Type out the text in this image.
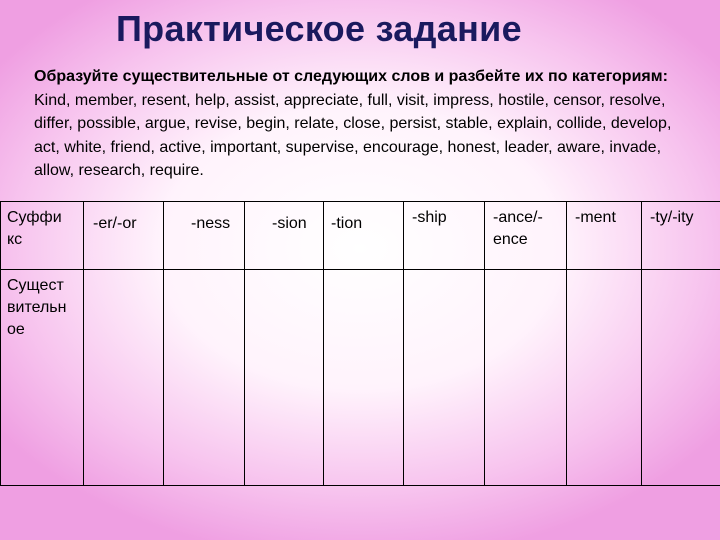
Практическое задание

Образуйте существительные от следующих слов и разбейте их по категориям: Kind, member, resent, help, assist, appreciate, full, visit, impress, hostile, censor, resolve, differ, possible, argue, revise, begin, relate, close, persist, stable, explain, collide, develop, act, white, friend, active, important, supervise, encourage, honest, leader, aware, invade, allow, research, require.

Суффи кс	-er/-or	-ness	-sion	-tion	-ship	-ance/-ence	-ment	-ty/-ity
Сущест вительн ое								
